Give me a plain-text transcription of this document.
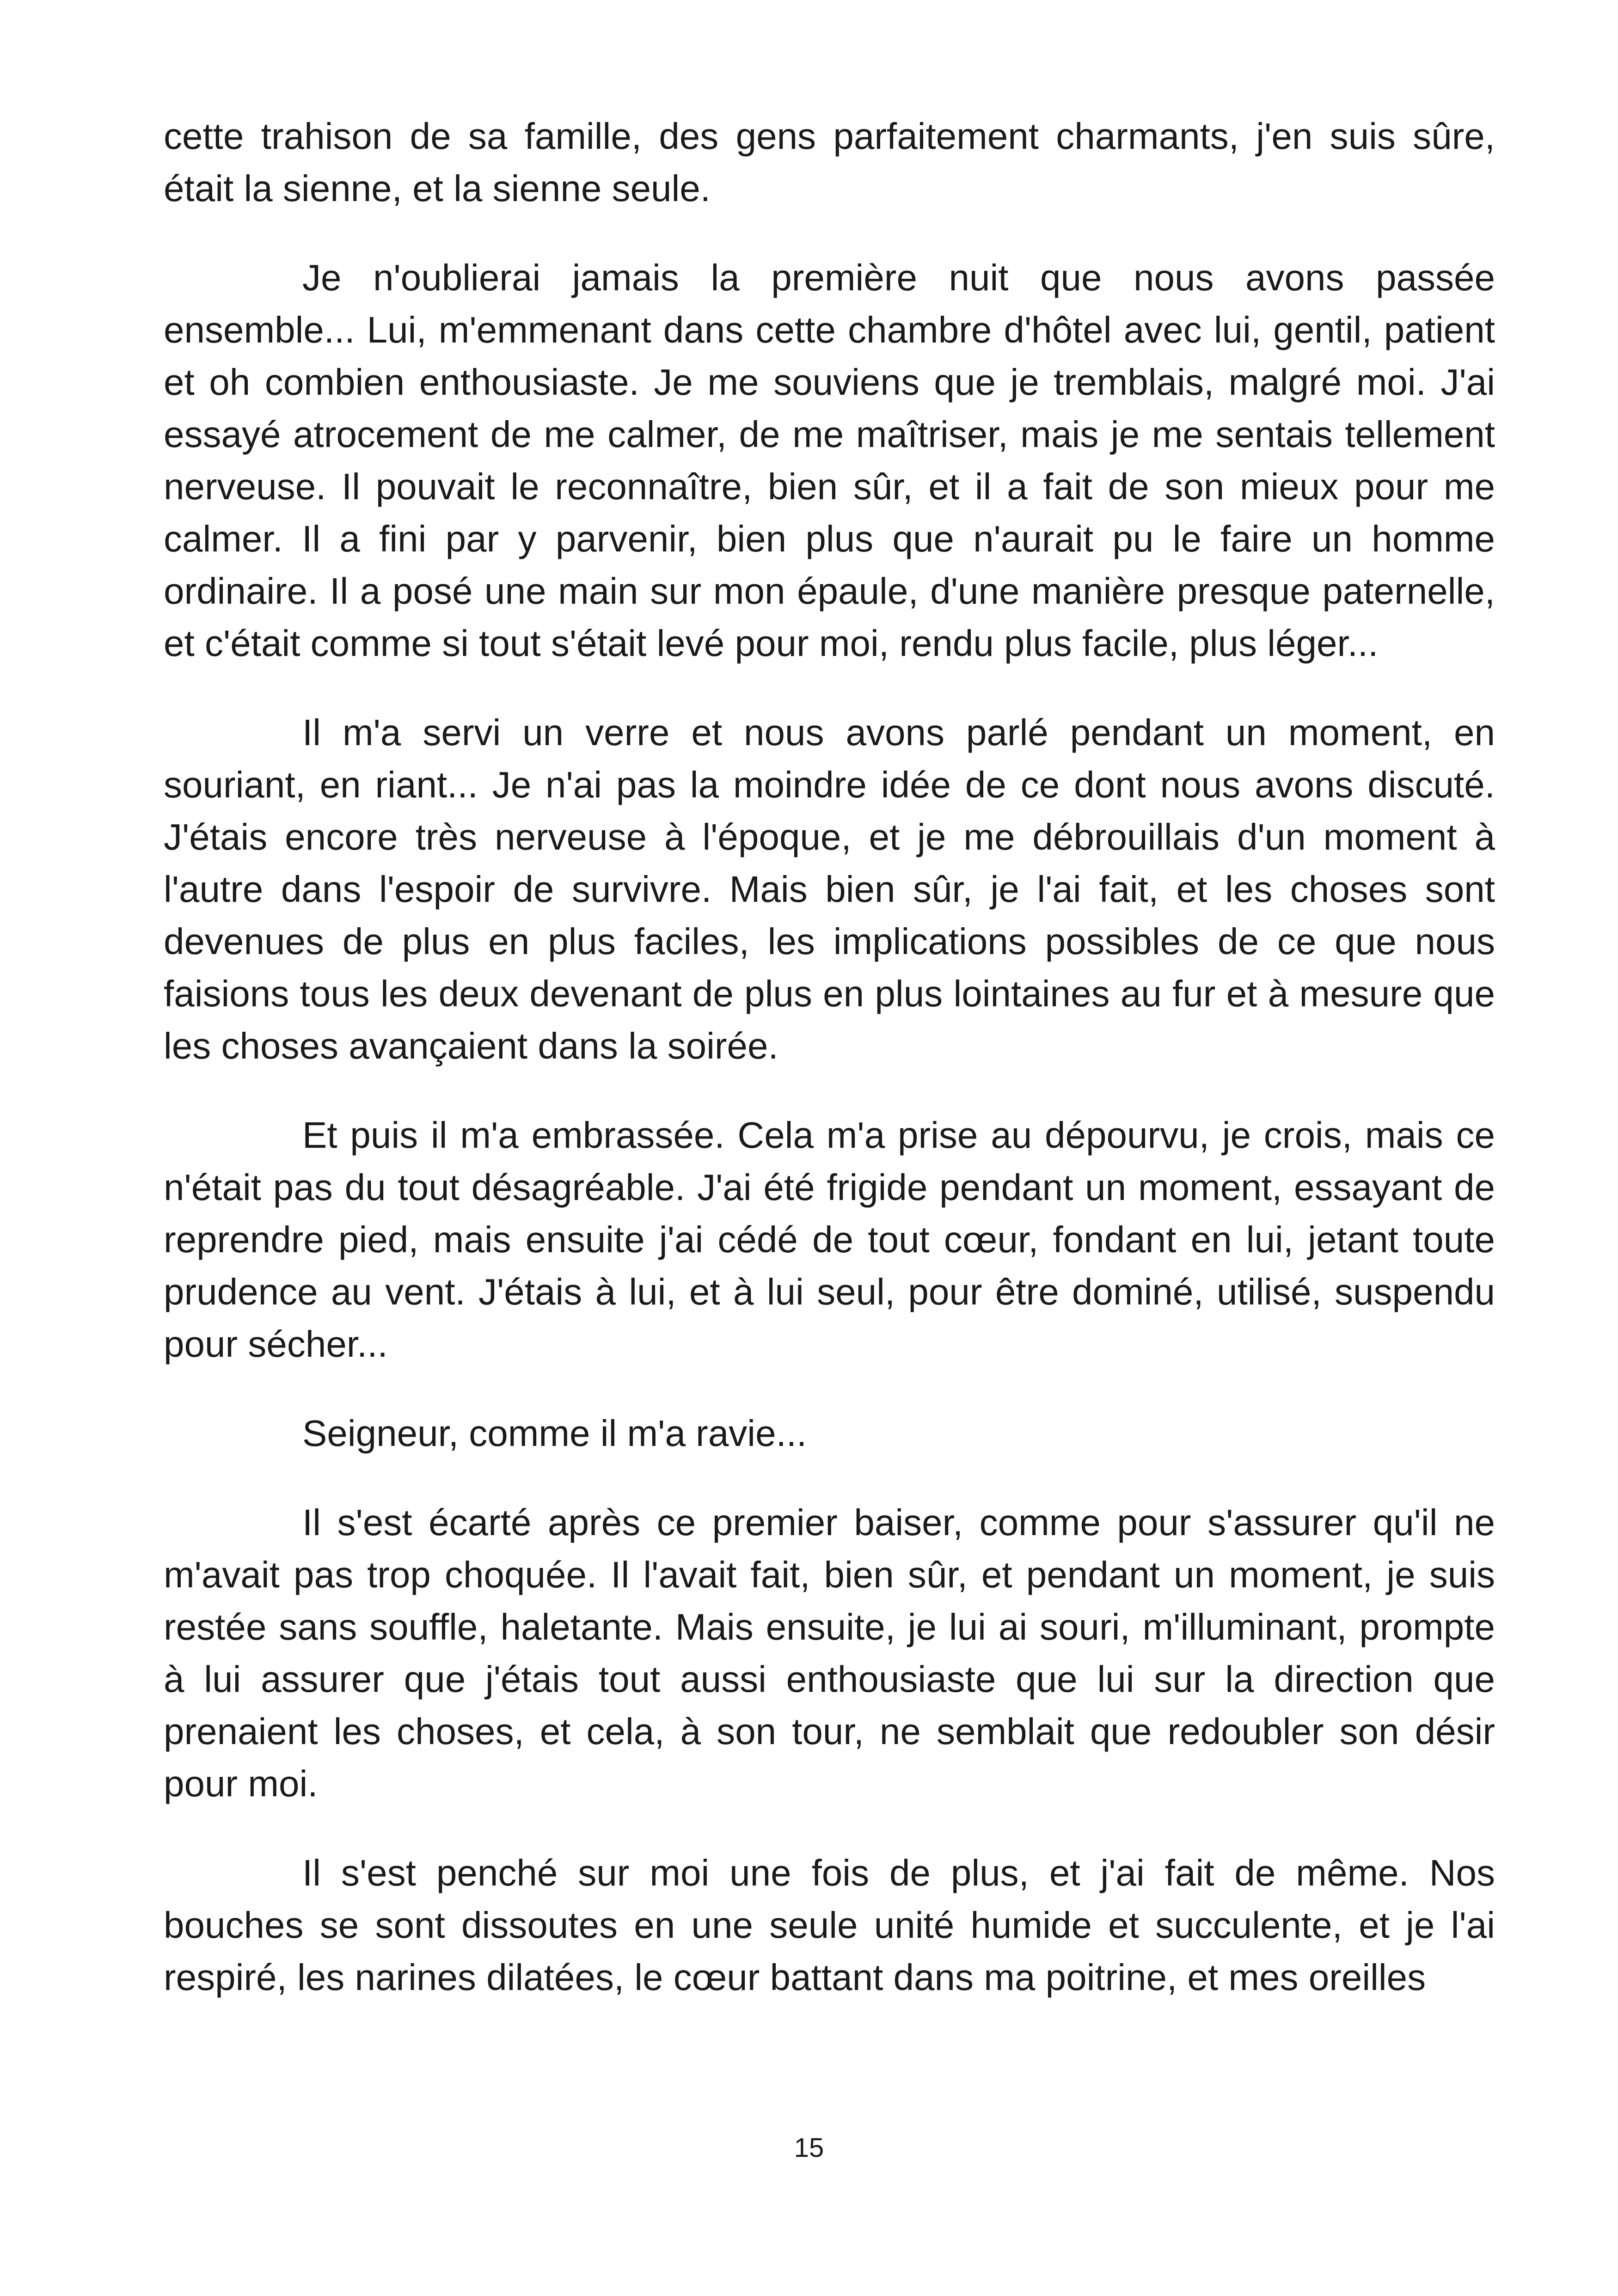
cette trahison de sa famille, des gens parfaitement charmants, j'en suis sûre, était la sienne, et la sienne seule.

Je n'oublierai jamais la première nuit que nous avons passée ensemble... Lui, m'emmenant dans cette chambre d'hôtel avec lui, gentil, patient et oh combien enthousiaste. Je me souviens que je tremblais, malgré moi. J'ai essayé atrocement de me calmer, de me maîtriser, mais je me sentais tellement nerveuse. Il pouvait le reconnaître, bien sûr, et il a fait de son mieux pour me calmer. Il a fini par y parvenir, bien plus que n'aurait pu le faire un homme ordinaire. Il a posé une main sur mon épaule, d'une manière presque paternelle, et c'était comme si tout s'était levé pour moi, rendu plus facile, plus léger...

Il m'a servi un verre et nous avons parlé pendant un moment, en souriant, en riant... Je n'ai pas la moindre idée de ce dont nous avons discuté. J'étais encore très nerveuse à l'époque, et je me débrouillais d'un moment à l'autre dans l'espoir de survivre. Mais bien sûr, je l'ai fait, et les choses sont devenues de plus en plus faciles, les implications possibles de ce que nous faisions tous les deux devenant de plus en plus lointaines au fur et à mesure que les choses avançaient dans la soirée.

Et puis il m'a embrassée. Cela m'a prise au dépourvu, je crois, mais ce n'était pas du tout désagréable. J'ai été frigide pendant un moment, essayant de reprendre pied, mais ensuite j'ai cédé de tout cœur, fondant en lui, jetant toute prudence au vent. J'étais à lui, et à lui seul, pour être dominé, utilisé, suspendu pour sécher...

Seigneur, comme il m'a ravie...

Il s'est écarté après ce premier baiser, comme pour s'assurer qu'il ne m'avait pas trop choquée. Il l'avait fait, bien sûr, et pendant un moment, je suis restée sans souffle, haletante. Mais ensuite, je lui ai souri, m'illuminant, prompte à lui assurer que j'étais tout aussi enthousiaste que lui sur la direction que prenaient les choses, et cela, à son tour, ne semblait que redoubler son désir pour moi.

Il s'est penché sur moi une fois de plus, et j'ai fait de même. Nos bouches se sont dissoutes en une seule unité humide et succulente, et je l'ai respiré, les narines dilatées, le cœur battant dans ma poitrine, et mes oreilles

15
